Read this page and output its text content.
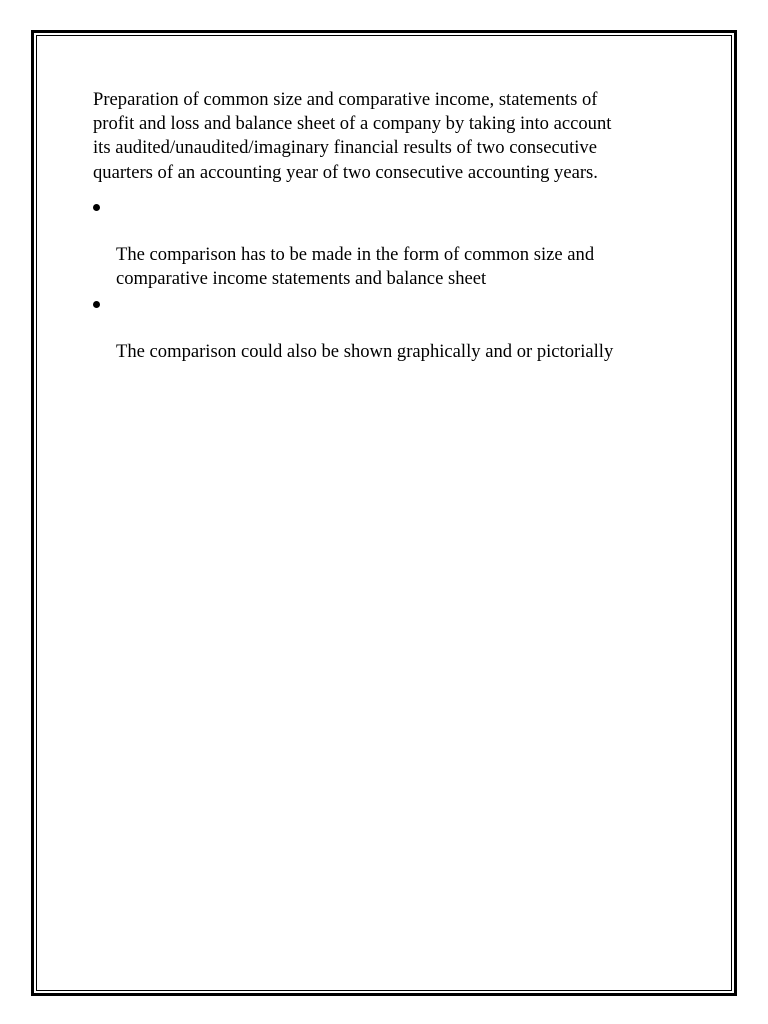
Preparation of common size and comparative income, statements of
profit and loss and balance sheet of a company by taking into account
its audited/unaudited/imaginary financial results of two consecutive
quarters of an accounting year of two consecutive accounting years.

The comparison has to be made in the form of common size and
comparative income statements and balance sheet

The comparison could also be shown graphically and or pictorially
